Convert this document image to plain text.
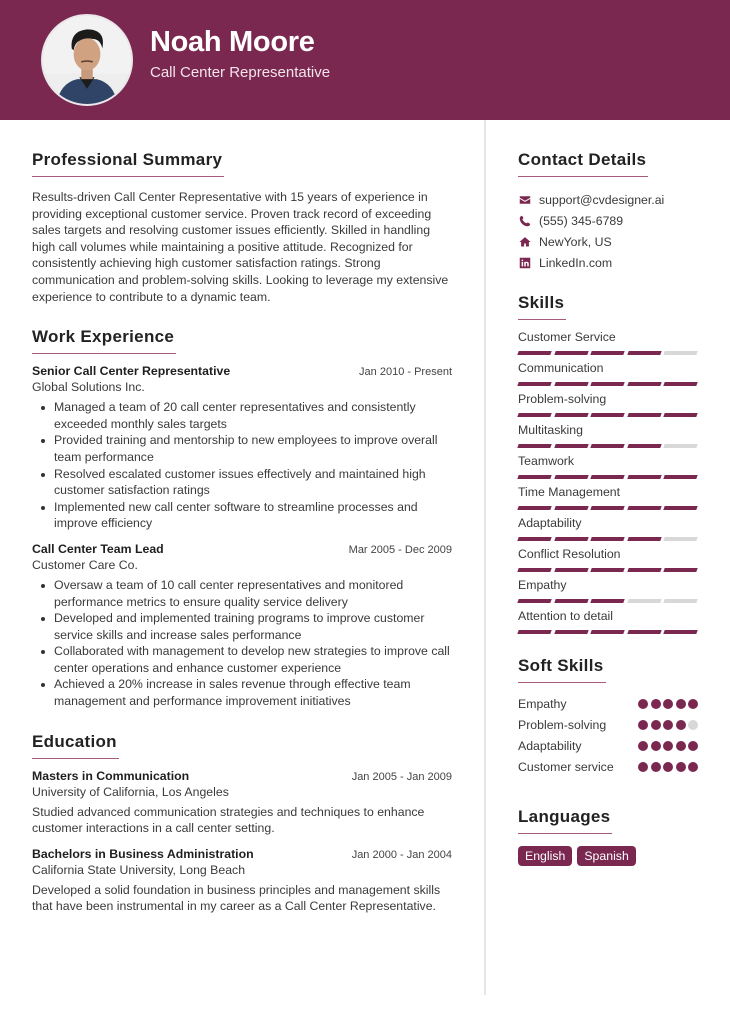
Noah Moore
Call Center Representative
Professional Summary

Results-driven Call Center Representative with 15 years of experience in providing exceptional customer service. Proven track record of exceeding sales targets and resolving customer issues efficiently. Skilled in handling high call volumes while maintaining a positive attitude. Recognized for consistently achieving high customer satisfaction ratings. Strong communication and problem-solving skills. Looking to leverage my extensive experience to contribute to a dynamic team.

Work Experience
Senior Call Center Representative	Jan 2010 - Present
Global Solutions Inc.
Managed a team of 20 call center representatives and consistently exceeded monthly sales targets
Provided training and mentorship to new employees to improve overall team performance
Resolved escalated customer issues effectively and maintained high customer satisfaction ratings
Implemented new call center software to streamline processes and improve efficiency
Call Center Team Lead	Mar 2005 - Dec 2009
Customer Care Co.
Oversaw a team of 10 call center representatives and monitored performance metrics to ensure quality service delivery
Developed and implemented training programs to improve customer service skills and increase sales performance
Collaborated with management to develop new strategies to improve call center operations and enhance customer experience
Achieved a 20% increase in sales revenue through effective team management and performance improvement initiatives
Education
Masters in Communication	Jan 2005 - Jan 2009
University of California, Los Angeles

Studied advanced communication strategies and techniques to enhance customer interactions in a call center setting.

Bachelors in Business Administration	Jan 2000 - Jan 2004
California State University, Long Beach

Developed a solid foundation in business principles and management skills that have been instrumental in my career as a Call Center Representative.

Contact Details
support@cvdesigner.ai
(555) 345-6789
NewYork, US
LinkedIn.com
Skills
Customer Service
Communication
Problem-solving
Multitasking
Teamwork
Time Management
Adaptability
Conflict Resolution
Empathy
Attention to detail
Soft Skills
Empathy
Problem-solving
Adaptability
Customer service
Languages
English	Spanish
